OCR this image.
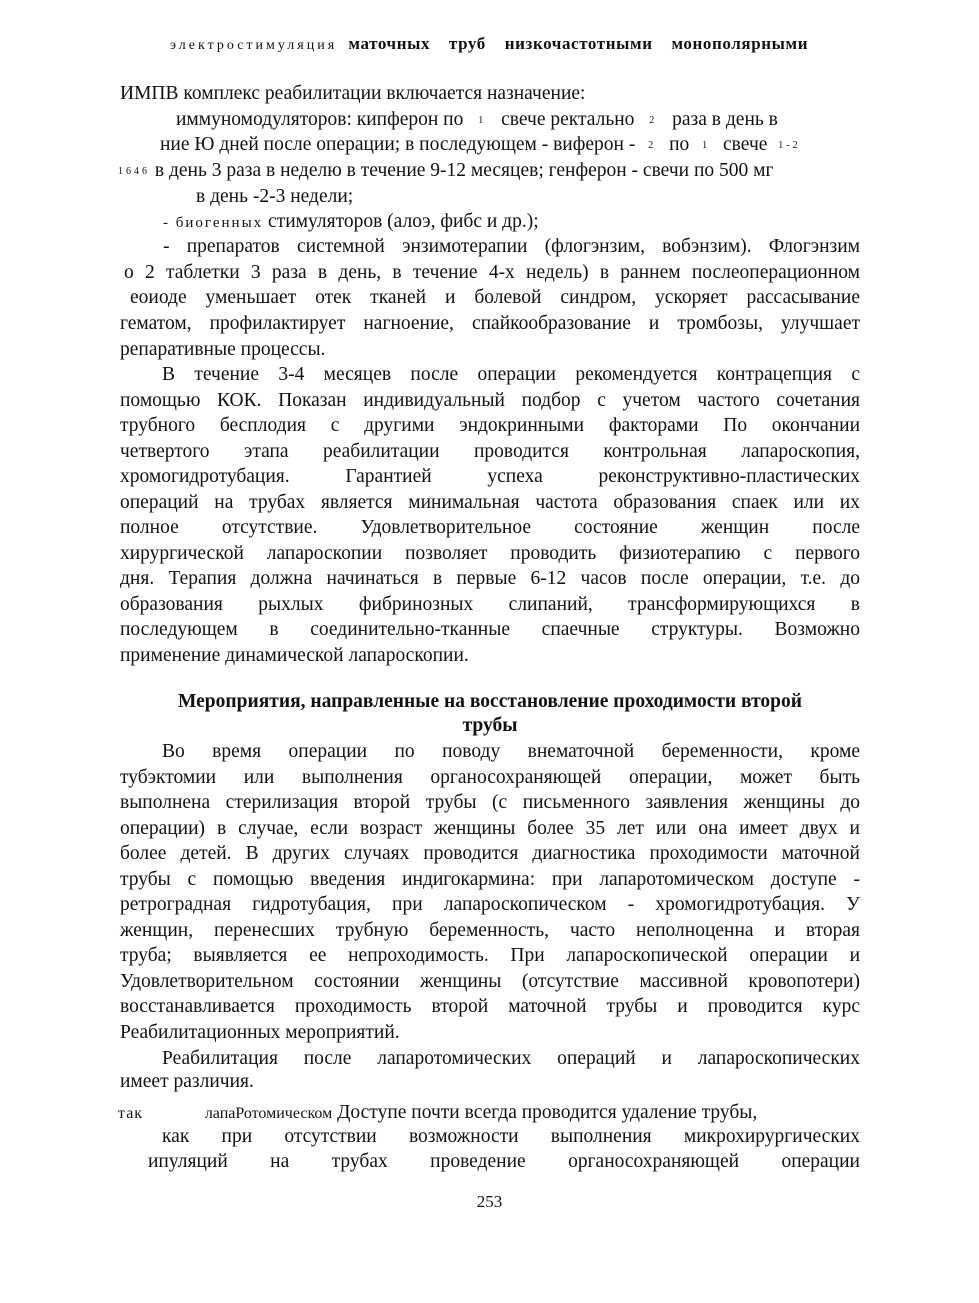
электростимуляция маточных труб низкочастотными монополярными
ИМПВ комплекс реабилитации включается назначение:
иммуномодуляторов: кипферон по $^1$ свече ректально $^2$ раза в день в
ние Ю дней после операции; в последующем - виферон - $^2$ по $^1$ свече $^{1-2}$
$^{1646}$ в день 3 раза в неделю в течение 9-12 месяцев; генферон - свечи по 500 мг
в день -2-3 недели;
- биогенных стимуляторов (алоэ, фибс и др.);
- препаратов системной энзимотерапии (флогэнзим, вобэнзим). Флогэнзим
о 2 таблетки 3 раза в день, в течение 4-х недель) в раннем послеоперационном
еоиоде уменьшает отек тканей и болевой синдром, ускоряет рассасывание
гематом, профилактирует нагноение, спайкообразование и тромбозы, улучшает
репаративные процессы.
В течение 3-4 месяцев после операции рекомендуется контрацепция с
помощью КОК. Показан индивидуальный подбор с учетом частого сочетания
трубного бесплодия с другими эндокринными факторами По окончании
четвертого этапа реабилитации проводится контрольная лапароскопия,
хромогидротубация. Гарантией успеха реконструктивно-пластических
операций на трубах является минимальная частота образования спаек или их
полное отсутствие. Удовлетворительное состояние женщин после
хирургической лапароскопии позволяет проводить физиотерапию с первого
дня. Терапия должна начинаться в первые 6-12 часов после операции, т.е. до
образования рыхлых фибринозных слипаний, трансформирующихся в
последующем в соединительно-тканные спаечные структуры. Возможно
применение динамической лапароскопии.
Мероприятия, направленные на восстановление проходимости второй
трубы
Во время операции по поводу внематочной беременности, кроме
тубэктомии или выполнения органосохраняющей операции, может быть
выполнена стерилизация второй трубы (с письменного заявления женщины до
операции) в случае, если возраст женщины более 35 лет или она имеет двух и
более детей. В других случаях проводится диагностика проходимости маточной
трубы с помощью введения индигокармина: при лапаротомическом доступе -
ретроградная гидротубация, при лапароскопическом - хромогидротубация. У
женщин, перенесших трубную беременность, часто неполноценна и вторая
труба; выявляется ее непроходимость. При лапароскопической операции и
Удовлетворительном состоянии женщины (отсутствие массивной кровопотери)
восстанавливается проходимость второй маточной трубы и проводится курс
Реабилитационных мероприятий.
Реабилитация после лапаротомических операций и лапароскопических
имеет различия.
так	лапаРотомическом Доступе почти всегда проводится удаление трубы,
как при отсутствии возможности выполнения микрохирургических
ипуляций на трубах проведение органосохраняющей операции
253
